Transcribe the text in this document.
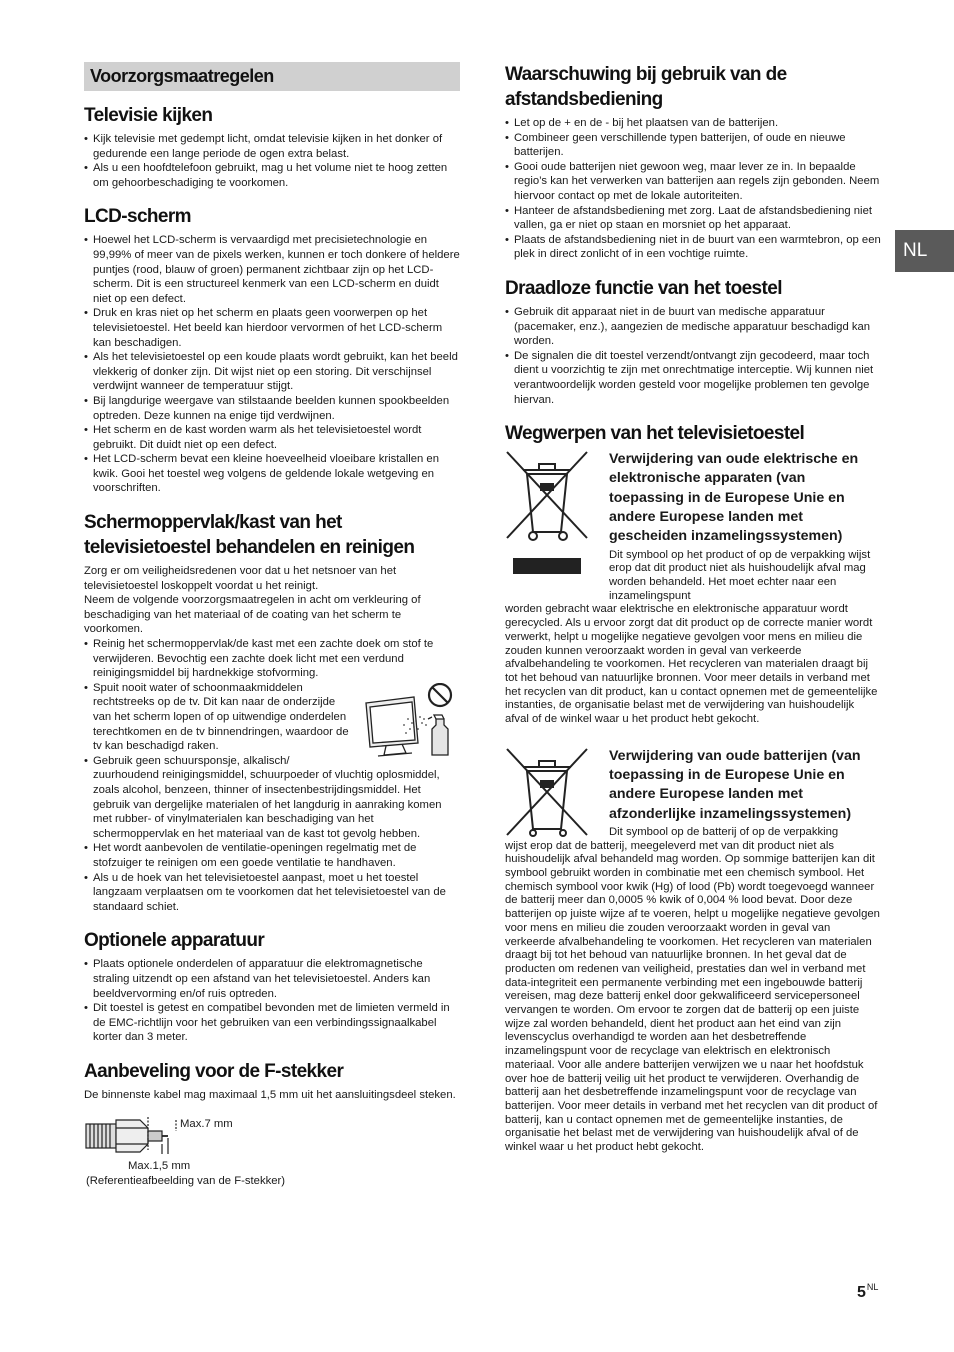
Voorzorgsmaatregelen
Televisie kijken
• Kijk televisie met gedempt licht, omdat televisie kijken in het donker of gedurende een lange periode de ogen extra belast.
• Als u een hoofdtelefoon gebruikt, mag u het volume niet te hoog zetten om gehoorbeschadiging te voorkomen.
LCD-scherm
• Hoewel het LCD-scherm is vervaardigd met precisietechnologie en 99,99% of meer van de pixels werken, kunnen er toch donkere of heldere puntjes (rood, blauw of groen) permanent zichtbaar zijn op het LCD-scherm. Dit is een structureel kenmerk van een LCD-scherm en duidt niet op een defect.
• Druk en kras niet op het scherm en plaats geen voorwerpen op het televisietoestel. Het beeld kan hierdoor vervormen of het LCD-scherm kan beschadigen.
• Als het televisietoestel op een koude plaats wordt gebruikt, kan het beeld vlekkerig of donker zijn. Dit wijst niet op een storing. Dit verschijnsel verdwijnt wanneer de temperatuur stijgt.
• Bij langdurige weergave van stilstaande beelden kunnen spookbeelden optreden. Deze kunnen na enige tijd verdwijnen.
• Het scherm en de kast worden warm als het televisietoestel wordt gebruikt. Dit duidt niet op een defect.
• Het LCD-scherm bevat een kleine hoeveelheid vloeibare kristallen en kwik. Gooi het toestel weg volgens de geldende lokale wetgeving en voorschriften.
Schermoppervlak/kast van het
televisietoestel behandelen en reinigen

Zorg er om veiligheidsredenen voor dat u het netsnoer van het televisietoestel loskoppelt voordat u het reinigt.

Neem de volgende voorzorgsmaatregelen in acht om verkleuring of beschadiging van het materiaal of de coating van het scherm te voorkomen.

• Reinig het schermoppervlak/de kast met een zachte doek om stof te verwijderen. Bevochtig een zachte doek licht met een verdund reinigingsmiddel bij hardnekkige stofvorming.
• Spuit nooit water of schoonmaakmiddelen rechtstreeks op de tv. Dit kan naar de onderzijde van het scherm lopen of op uitwendige onderdelen terechtkomen en de tv binnendringen, waardoor de tv kan beschadigd raken.
• Gebruik geen schuursponsje, alkalisch/ zuurhoudend reinigingsmiddel, schuurpoeder of vluchtig oplosmiddel, zoals alcohol, benzeen, thinner of insectenbestrijdingsmiddel. Het gebruik van dergelijke materialen of het langdurig in aanraking komen met rubber- of vinylmaterialen kan beschadiging van het schermoppervlak en het materiaal van de kast tot gevolg hebben.
• Het wordt aanbevolen de ventilatie-openingen regelmatig met de stofzuiger te reinigen om een goede ventilatie te handhaven.
• Als u de hoek van het televisietoestel aanpast, moet u het toestel langzaam verplaatsen om te voorkomen dat het televisietoestel van de standaard schiet.
Optionele apparatuur
• Plaats optionele onderdelen of apparatuur die elektromagnetische straling uitzendt op een afstand van het televisietoestel. Anders kan beeldvervorming en/of ruis optreden.
• Dit toestel is getest en compatibel bevonden met de limieten vermeld in de EMC-richtlijn voor het gebruiken van een verbindingssignaalkabel korter dan 3 meter.
Aanbeveling voor de F-stekker

De binnenste kabel mag maximaal 1,5 mm uit het aansluitingsdeel steken.

Max.7 mm
Max.1,5 mm
(Referentieafbeelding van de F-stekker)
Waarschuwing bij gebruik van de
afstandsbediening
• Let op de + en de - bij het plaatsen van de batterijen.
• Combineer geen verschillende typen batterijen, of oude en nieuwe batterijen.
• Gooi oude batterijen niet gewoon weg, maar lever ze in. In bepaalde regio’s kan het verwerken van batterijen aan regels zijn gebonden. Neem hiervoor contact op met de lokale autoriteiten.
• Hanteer de afstandsbediening met zorg. Laat de afstandsbediening niet vallen, ga er niet op staan en morsniet op het apparaat.
• Plaats de afstandsbediening niet in de buurt van een warmtebron, op een plek in direct zonlicht of in een vochtige ruimte.
Draadloze functie van het toestel
• Gebruik dit apparaat niet in de buurt van medische apparatuur (pacemaker, enz.), aangezien de medische apparatuur beschadigd kan worden.
• De signalen die dit toestel verzendt/ontvangt zijn gecodeerd, maar toch dient u voorzichtig te zijn met onrechtmatige interceptie. Wij kunnen niet verantwoordelijk worden gesteld voor mogelijke problemen ten gevolge hiervan.
Wegwerpen van het televisietoestel
Verwijdering van oude elektrische en elektronische apparaten (van toepassing in de Europese Unie en andere Europese landen met gescheiden inzamelingssystemen)

Dit symbool op het product of op de verpakking wijst erop dat dit product niet als huishoudelijk afval mag worden behandeld. Het moet echter naar een inzamelingspunt

worden gebracht waar elektrische en elektronische apparatuur wordt gerecycled. Als u ervoor zorgt dat dit product op de correcte manier wordt verwerkt, helpt u mogelijke negatieve gevolgen voor mens en milieu die zouden kunnen veroorzaakt worden in geval van verkeerde afvalbehandeling te voorkomen. Het recycleren van materialen draagt bij tot het behoud van natuurlijke bronnen. Voor meer details in verband met het recyclen van dit product, kan u contact opnemen met de gemeentelijke instanties, de organisatie belast met de verwijdering van huishoudelijk afval of de winkel waar u het product hebt gekocht.

Verwijdering van oude batterijen (van toepassing in de Europese Unie en andere Europese landen met afzonderlijke inzamelingssystemen)

Dit symbool op de batterij of op de verpakking

wijst erop dat de batterij, meegeleverd met van dit product niet als huishoudelijk afval behandeld mag worden. Op sommige batterijen kan dit symbool gebruikt worden in combinatie met een chemisch symbool. Het chemisch symbool voor kwik (Hg) of lood (Pb) wordt toegevoegd wanneer de batterij meer dan 0,0005 % kwik of 0,004 % lood bevat. Door deze batterijen op juiste wijze af te voeren, helpt u mogelijke negatieve gevolgen voor mens en milieu die zouden veroorzaakt worden in geval van verkeerde afvalbehandeling te voorkomen. Het recycleren van materialen draagt bij tot het behoud van natuurlijke bronnen. In het geval dat de producten om redenen van veiligheid, prestaties dan wel in verband met data-integriteit een permanente verbinding met een ingebouwde batterij vereisen, mag deze batterij enkel door gekwalificeerd servicepersoneel vervangen te worden. Om ervoor te zorgen dat de batterij op een juiste wijze zal worden behandeld, dient het product aan het eind van zijn levenscyclus overhandigd te worden aan het desbetreffende inzamelingspunt voor de recyclage van elektrisch en elektronisch materiaal. Voor alle andere batterijen verwijzen we u naar het hoofdstuk over hoe de batterij veilig uit het product te verwijderen. Overhandig de batterij aan het desbetreffende inzamelingspunt voor de recyclage van batterijen. Voor meer details in verband met het recyclen van dit product of batterij, kan u contact opnemen met de gemeentelijke instanties, de organisatie het belast met de verwijdering van huishoudelijk afval of de winkel waar u het product hebt gekocht.

NL
$5^{NL}$
